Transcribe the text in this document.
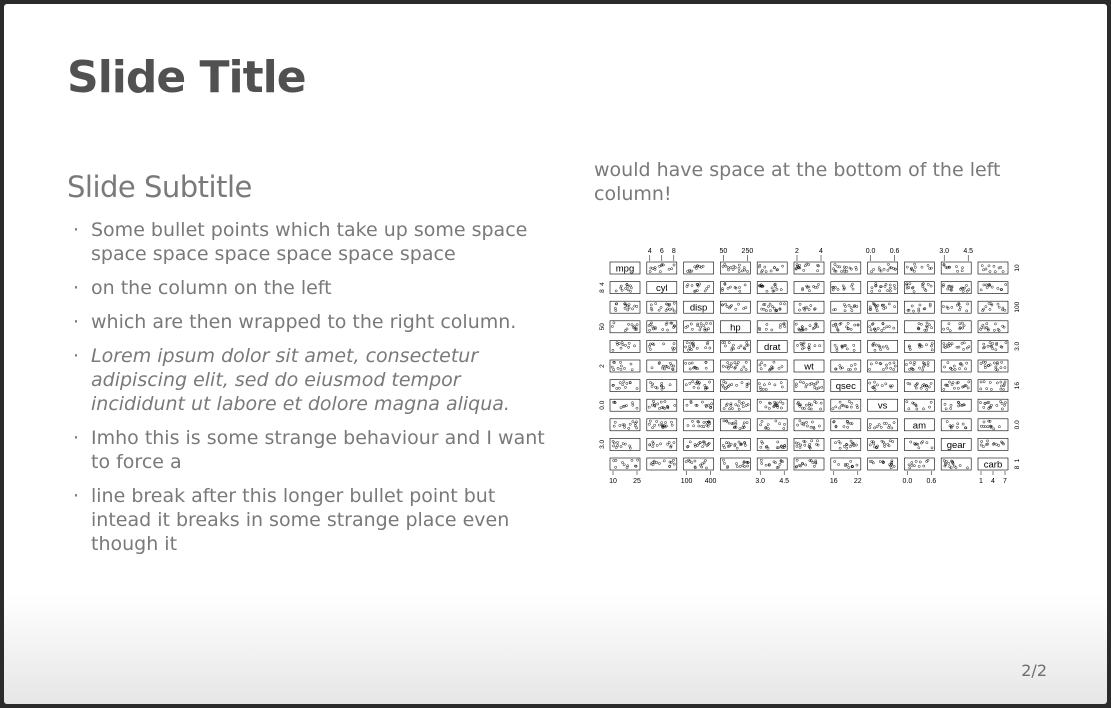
Slide Title
Slide Subtitle
· Some bullet points which take up some space space space space space space space
· on the column on the left
· which are then wrapped to the right column.
· Lorem ipsum dolor sit amet, consectetur adipiscing elit, sed do eiusmod tempor incididunt ut labore et dolore magna aliqua.
· Imho this is some strange behaviour and I want to force a
· line break after this longer bullet point but intead it breaks in some strange place even though it

would have space at the bottom of the left column!

mpg
cyl
disp
hp
drat
wt
qsec
vs
am
gear
carb
4 6 8	50 250	2	4	0.0 0.6	3.0 4.5
10 25	100 400	3.0 4.5	16 22	0.0 0.6	1 4 7
4
8
50
2
0.0
3.0
10
100
3.0
16
0.0
1
8
2/2
